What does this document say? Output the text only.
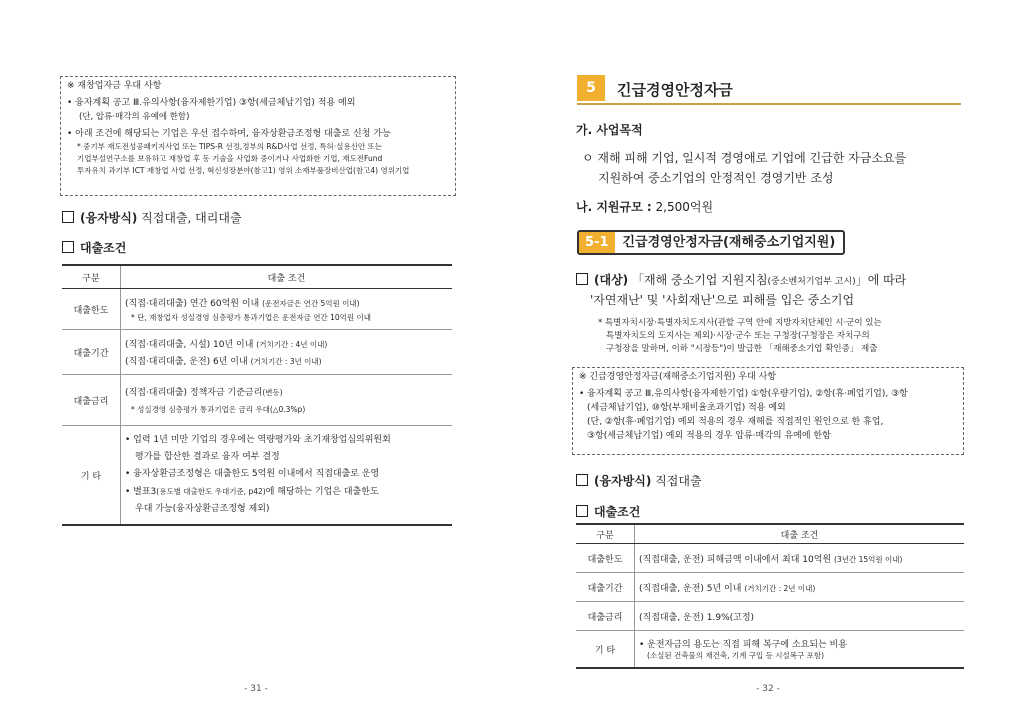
※ 재창업자금 우대 사항
• 융자계획 공고 Ⅲ.유의사항(융자제한기업) ③항(세금체납기업) 적용 예외
(단, 압류·매각의 유예에 한함)
• 아래 조건에 해당되는 기업은 우선 접수하며, 융자상환금조정형 대출로 신청 가능
* 중기부 재도전성공패키지사업 또는 TIPS-R 선정,정부의 R&D사업 선정, 특허·실용신안 또는
기업부설연구소를 보유하고 재창업 후 동 기술을 사업화 중이거나 사업화한 기업, 재도전Fund
투자유치 과기부 ICT 재창업 사업 선정, 혁신성장분야(참고1) 영위 소재부품장비산업(참고4) 영위기업
(융자방식) 직접대출, 대리대출
대출조건
구분	대출 조건
대출한도	(직접·대리대출) 연간 60억원 이내 (운전자금은 연간 5억원 이내)
* 단, 재창업자 성실경영 심층평가 통과기업은 운전자금 연간 10억원 이내

대출기간	(직접·대리대출, 시설) 10년 이내 (거치기간 : 4년 이내)
(직접·대리대출, 운전) 6년 이내 (거치기간 : 3년 이내)

대출금리	(직접·대리대출) 정책자금 기준금리(변동)
* 성실경영 심층평가 통과기업은 금리 우대(△0.3%p)

기 타	• 업력 1년 미만 기업의 경우에는 역량평가와 초기재창업심의위원회
평가를 합산한 결과로 융자 여부 결정
• 융자상환금조정형은 대출한도 5억원 이내에서 직접대출로 운영
• 별표3(용도별 대출한도 우대기준, p42)에 해당하는 기업은 대출한도
우대 가능(융자상환금조정형 제외)
- 31 -
5	긴급경영안정자금
가. 사업목적
ㅇ 재해 피해 기업, 일시적 경영애로 기업에 긴급한 자금소요를
지원하여 중소기업의 안정적인 경영기반 조성
나. 지원규모 : 2,500억원
5-1	긴급경영안정자금(재해중소기업지원)
(대상) 「재해 중소기업 지원지침(중소벤처기업부 고시)」에 따라
'자연재난' 및 '사회재난'으로 피해를 입은 중소기업
* 특별자치시장·특별자치도지사(관할 구역 안에 지방자치단체인 시·군이 있는
특별자치도의 도지사는 제외)·시장·군수 또는 구청장(구청장은 자치구의
구청장을 말하며, 이하 "시장등")이 발급한 「재해중소기업 확인증」 제출
※ 긴급경영안정자금(재해중소기업지원) 우대 사항
• 융자계획 공고 Ⅲ.유의사항(융자제한기업) ①항(우량기업), ②항(휴·폐업기업), ③항
(세금체납기업), ⑩항(부채비율초과기업) 적용 예외
(단, ②항(휴·폐업기업) 예외 적용의 경우 재해를 직접적인 원인으로 한 휴업,
③항(세금체납기업) 예외 적용의 경우 압류·매각의 유예에 한함
(융자방식) 직접대출
대출조건
구분	대출 조건
대출한도	(직접대출, 운전) 피해금액 이내에서 최대 10억원 (3년간 15억원 이내)
대출기간	(직접대출, 운전) 5년 이내 (거치기간 : 2년 이내)
대출금리	(직접대출, 운전) 1.9%(고정)
기 타	• 운전자금의 용도는 직접 피해 복구에 소요되는 비용
(소실된 건축물의 재건축, 기계 구입 등 시설복구 포함)
- 32 -
